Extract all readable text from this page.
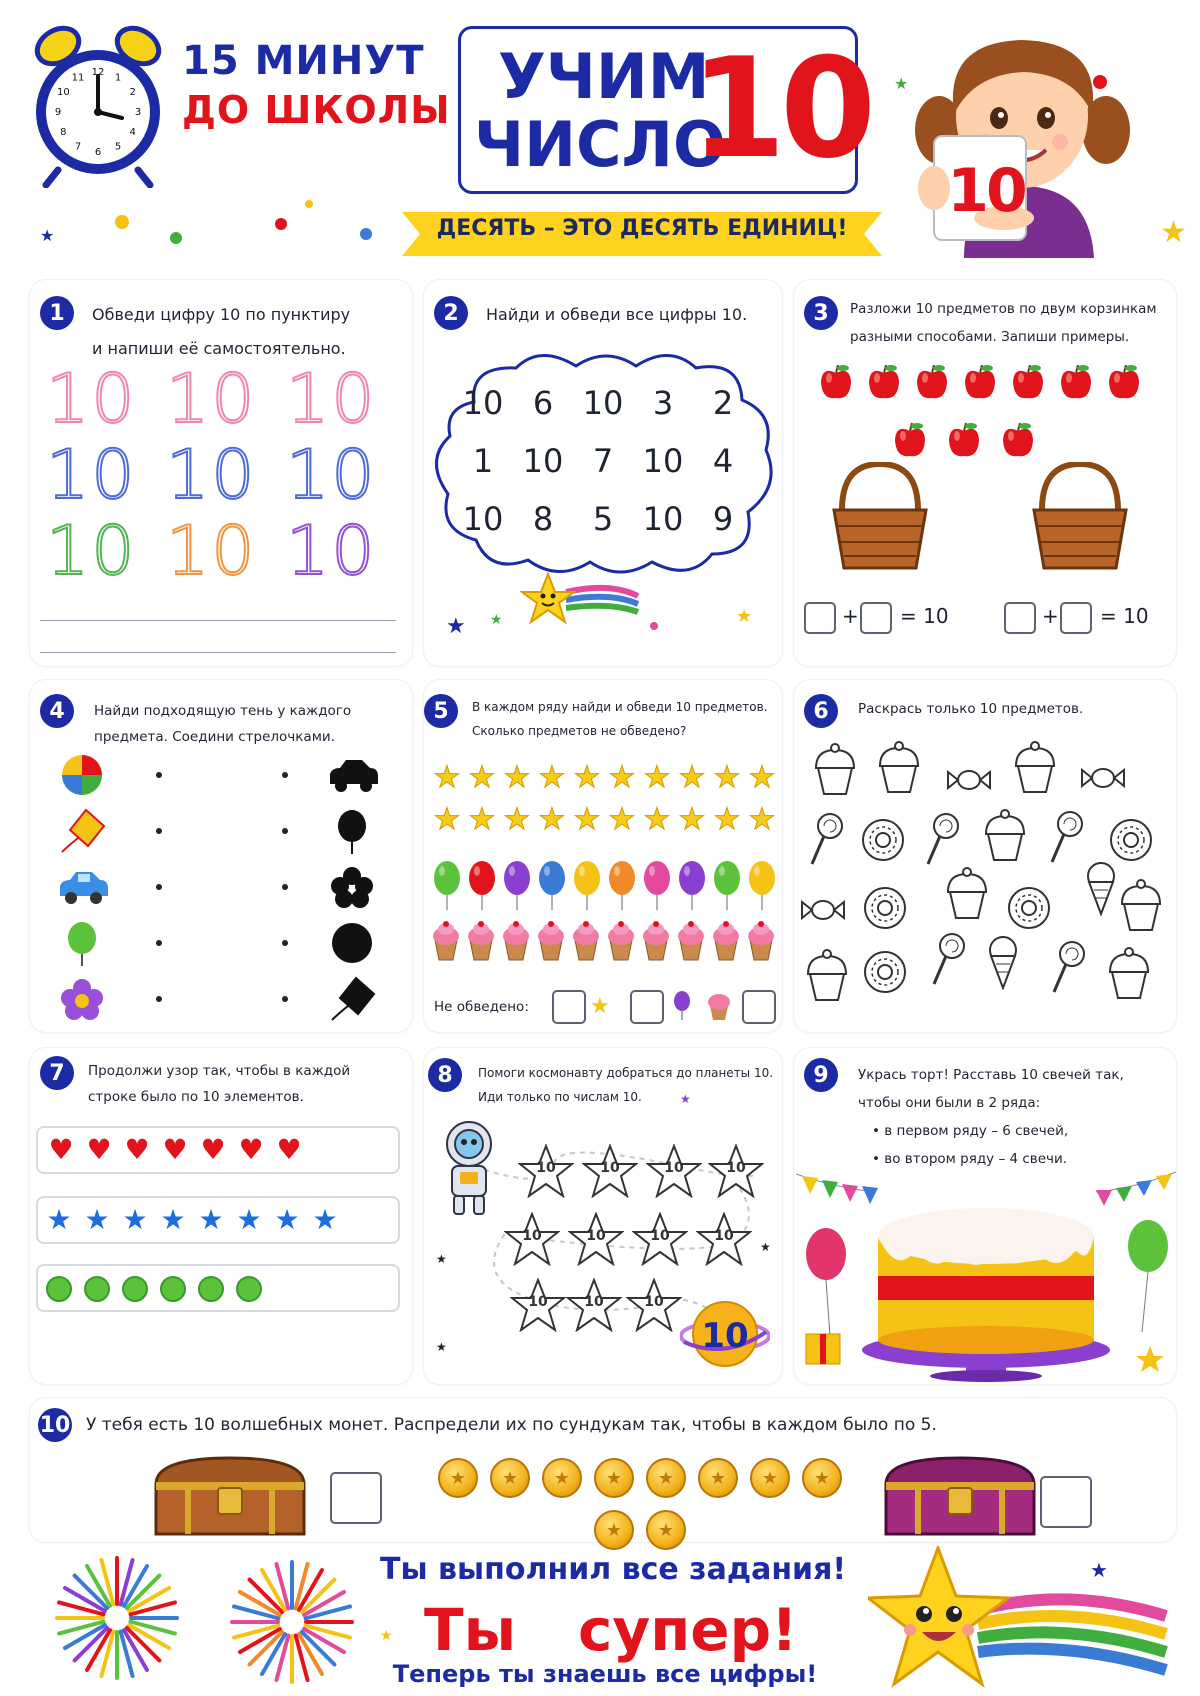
12 1
2
3
4
5
6
7
8
9
10
11 15 МИНУТ
ДО ШКОЛЫ УЧИМ
ЧИСЛО
10
ДЕСЯТЬ – ЭТО ДЕСЯТЬ ЕДИНИЦ!
10
★	★
★
1	Обведи цифру 10 по пунктиру
и напиши её самостоятельно.
2	Найди и обведи все цифры 10.
★ ★	★
3	Разложи 10 предметов по двум корзинкам
разными способами. Запиши примеры.
4	Найди подходящую тень у каждого
предмета. Соедини стрелочками.
5	В каждом ряду найди и обведи 10 предметов.
Сколько предметов не обведено?
Не обведено:	★
6	Раскрась только 10 предметов.
7	Продолжи узор так, чтобы в каждой
строке было по 10 элементов.
8	Помоги космонавту добраться до планеты 10.
Иди только по числам 10.
10
★
★
★
★
9	Укрась торт! Расставь 10 свечей так,
чтобы они были в 2 ряда:
• в первом ряду – 6 свечей,
• во втором ряду – 4 свечи.
10 У тебя есть 10 волшебных монет. Распредели их по сундукам так, чтобы в каждом было по 5.
Ты выполнил все задания!
Ты супер!
Теперь ты знаешь все цифры!
★
★
10 10 10
10 10 10
10 10 10
10 6 10 3	2
1 10 7 10 4
10 8	5 10 9
+ = 10	+ = 10
★ ★ ★ ★ ★ ★ ★ ★ ★ ★
★ ★ ★ ★ ★ ★ ★ ★ ★ ★
♥ ♥ ♥ ♥ ♥ ♥ ♥
★ ★ ★ ★ ★ ★ ★ ★
10	10	10	10
10	10	10	10
10	10	10
★	★	★	★	★	★	★	★
★	★
